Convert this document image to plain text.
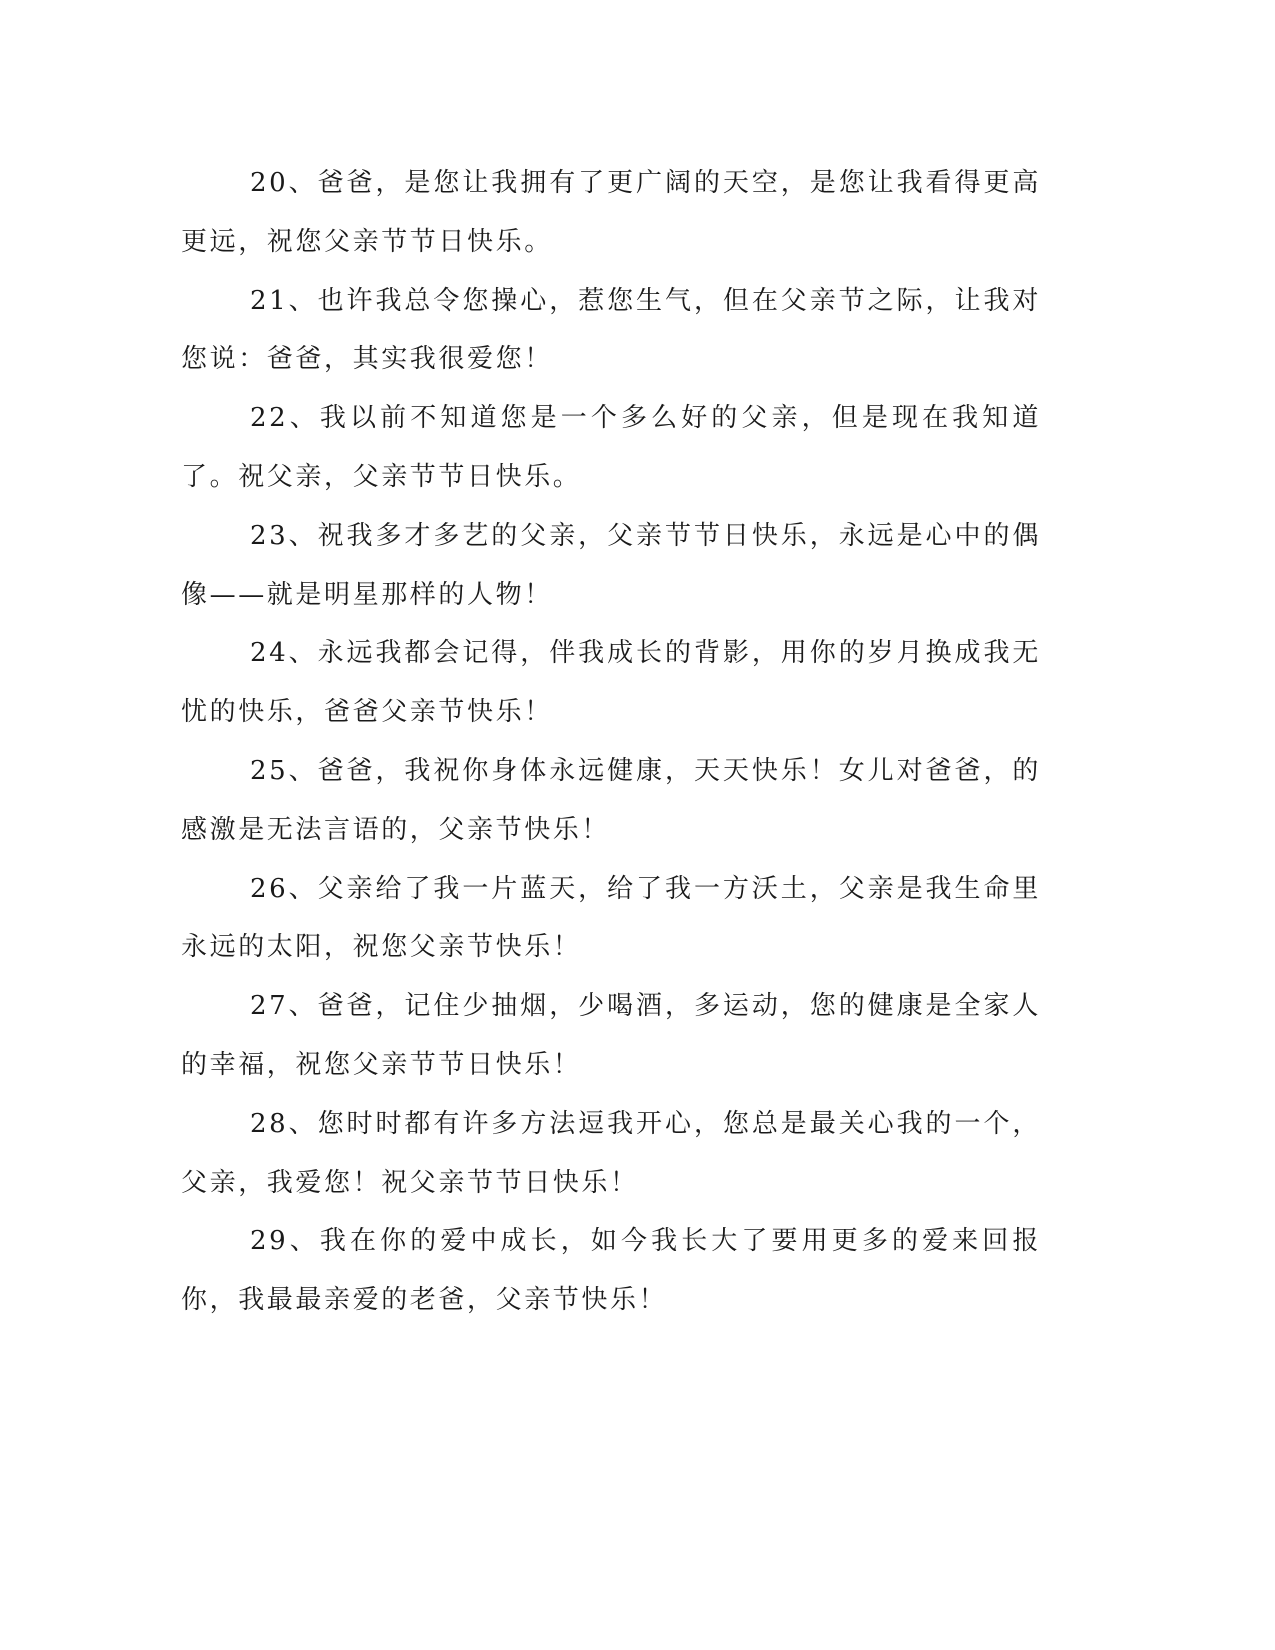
20、爸爸，是您让我拥有了更广阔的天空，是您让我看得更高更远，祝您父亲节节日快乐。

21、也许我总令您操心，惹您生气，但在父亲节之际，让我对您说：爸爸，其实我很爱您！

22、我以前不知道您是一个多么好的父亲，但是现在我知道了。祝父亲，父亲节节日快乐。

23、祝我多才多艺的父亲，父亲节节日快乐，永远是心中的偶像——就是明星那样的人物！

24、永远我都会记得，伴我成长的背影，用你的岁月换成我无忧的快乐，爸爸父亲节快乐！

25、爸爸，我祝你身体永远健康，天天快乐！女儿对爸爸，的感激是无法言语的，父亲节快乐！

26、父亲给了我一片蓝天，给了我一方沃土，父亲是我生命里永远的太阳，祝您父亲节快乐！

27、爸爸，记住少抽烟，少喝酒，多运动，您的健康是全家人的幸福，祝您父亲节节日快乐！

28、您时时都有许多方法逗我开心，您总是最关心我的一个，父亲，我爱您！祝父亲节节日快乐！

29、我在你的爱中成长，如今我长大了要用更多的爱来回报你，我最最亲爱的老爸，父亲节快乐！
